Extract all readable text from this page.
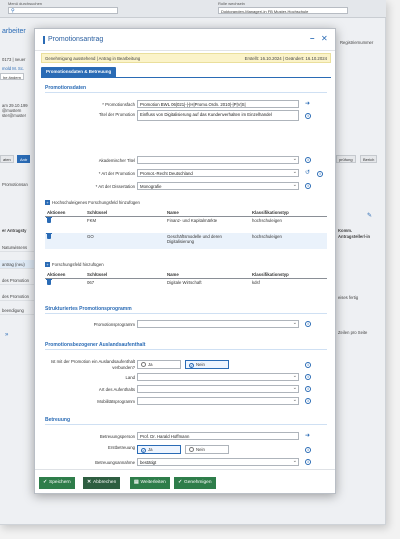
Menü durchsuchen
⚲
Rolle wechseln
Doktoranden-Manager/-in FB Muster-Hochschule
arbeiter
0173 | neuer
mold M. Sc.
he ändern
am 29.10.199
@mustern
ster@muster
aten	Antr	prüfung	Berich
Promotionsan
er Antragsty
Naturwissens
antrag (neu)
des Promotion
des Promotion
beendigung
»
Registriernummer
✎
Komm.
Antragsteller/-in
eises fertig
Zeilen pro Seite
Promotionsantrag	– ✕
Genehmigung ausstehend | Antrag in Bearbeitung	Erstellt: 16.10.2024 | Geändert: 16.10.2024
Promotionsdaten & Betreuung
Promotionsdaten
* Promotionsfach	Promotion BWL 06|021|-|-|H|Promo.Ordn. 2010|-|P|V|S|	➜
Titel der Promotion	Einfluss von Digitalisierung auf das Kundenverhalten im Einzelhandel	i
Akademischer Titel ⌄	i
* Art der Promotion	Promot.-Recht Deutschland ⌄	↺	i
* Art der Dissertation	Monografie ⌄	i
+ Hochschuleigenes Forschungsfeld hinzufügen
Aktionen	Schlüssel	Name	Klassifikationstyp
	FKM	Finanz- und Kapitalmärkte	hochschuleigen
	GO	Geschäftsmodelle und deren Digitalisierung	hochschuleigen
+ Forschungsfeld hinzufügen
Aktionen	Schlüssel	Name	Klassifikationstyp
	067	Digitale Wirtschaft	kdsf
Strukturiertes Promotionsprogramm
Promotionsprogramm ⌄	i
Promotionsbezogener Auslandsaufenthalt
Ist mit der Promotion ein Auslandsaufenthalt verbunden?
Ja	✓ Nein	i
Land ⌄	i
Art des Aufenthalts ⌄	i
Mobilitätsprogramm ⌄	i
Betreuung
Betreuungsperson	Prof. Dr. Harald Hoffmann	➜
Erstbetreuung
✓ Ja	Nein	i
Betreuungsannahme	bestätigt ⌄	i
✓ Speichern	✕ Abbrechen	▤ Weiterleiten	✓ Genehmigen
